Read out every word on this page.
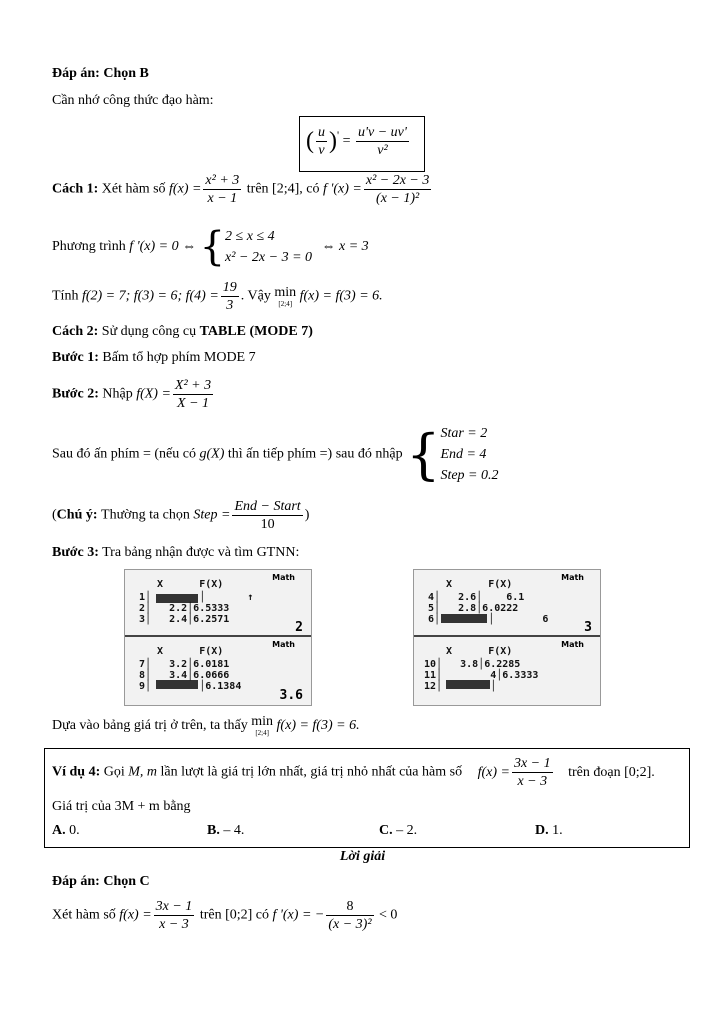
Đáp án: Chọn B
Cần nhớ công thức đạo hàm:
( $\frac{u}{v} )' = \frac{u'v - uv'}{\text{v²}}$
Cách 1: Xét hàm số $f(x) = \frac{\text{x² + 3}}{x - 1}$ trên [2;4], có f '$(x) = \frac{\text{x² − 2x − 3}}{\text{(x − 1)²}}$
Phương trình f '(x) = 0 ⇔ { 2 ≤ x ≤ 4
x² − 2x − 3 = 0
⇔ x = 3
Tính f(2) = 7; f(3) = 6; $f(4) = \frac{19}{3}$ . Vậy min
[2;4] f(x) = f(3) = 6.
Cách 2: Sử dụng công cụ TABLE (MODE 7)
Bước 1: Bấm tổ hợp phím MODE 7
Bước 2: Nhập $f(X) = \frac{\text{X² + 3}}{X - 1}$
Sau đó ấn phím = (nếu có g(X) thì ấn tiếp phím =) sau đó nhập { Star = 2
End = 4
Step = 0.2
(Chú ý: Thường ta chọn Step = $\frac{\text{End − Start}}{10}$ )
Bước 3: Tra bảng nhận được và tìm GTNN:
Math
X      F(X)
1│        │       ↑
2│   2.2│6.5333
3│   2.4│6.2571
2
Math
X      F(X)
7│   3.2│6.0181
8│   3.4│6.0666
9│        │6.1384
3.6
Math
X      F(X)
4│   2.6│    6.1
5│   2.8│6.0222
6│        │        6
3
Math
X      F(X)
10│   3.8│6.2285
11│        4│6.3333
12│        │
Dựa vào bảng giá trị ở trên, ta thấy min
[2;4] f(x) = f(3) = 6.
Ví dụ 4: Gọi M, m lần lượt là giá trị lớn nhất, giá trị nhỏ nhất của hàm số $f(x) = \frac{3x - 1}{x - 3}$ trên đoạn [0;2].
Giá trị của 3M + m bằng
A. 0.	B. – 4.	C. – 2.	D. 1.
Lời giải
Đáp án: Chọn C
Xét hàm số $f(x) = \frac{3x - 1}{x - 3}$ trên [0;2] có f '(x) = − $\frac{8}{\text{(x − 3)²}} < 0$
